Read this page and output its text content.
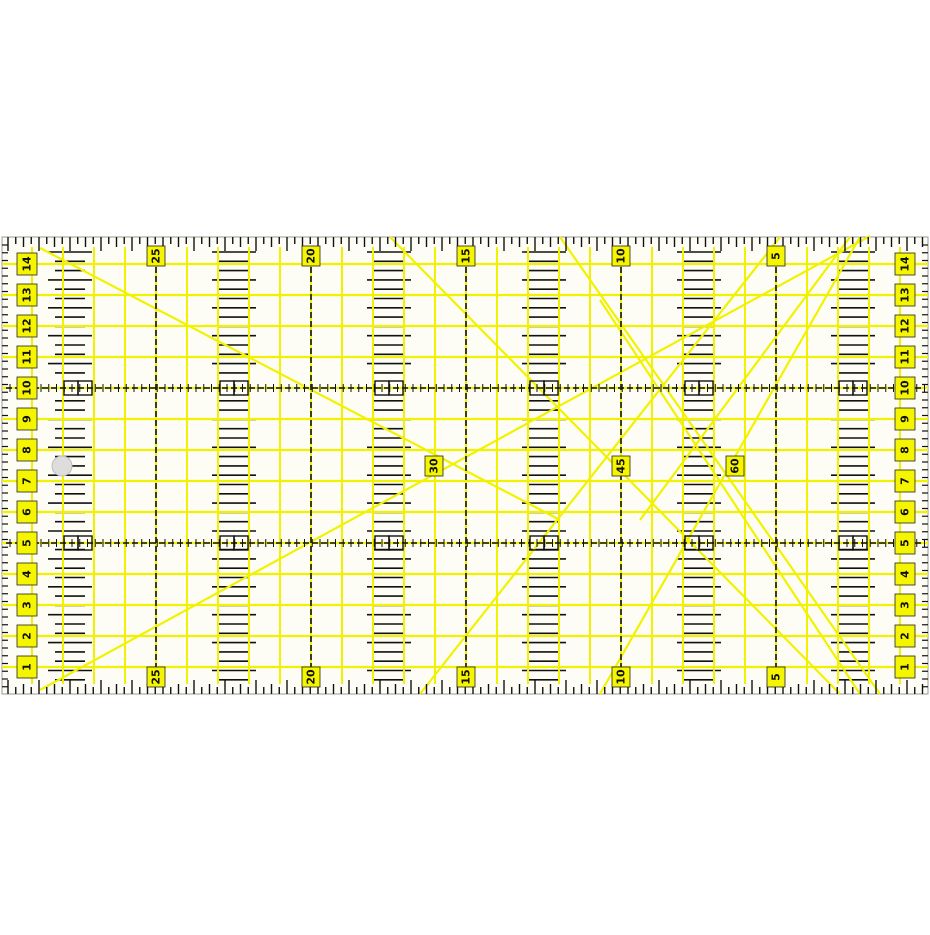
14	14
13	13
12	12
11	11
10	10
9	9
8	8
7	7
6	6
5	5
4	4
3	3
2	2
1	1
25
25
20
20
15
15
10
10
5
5
30	45	60
